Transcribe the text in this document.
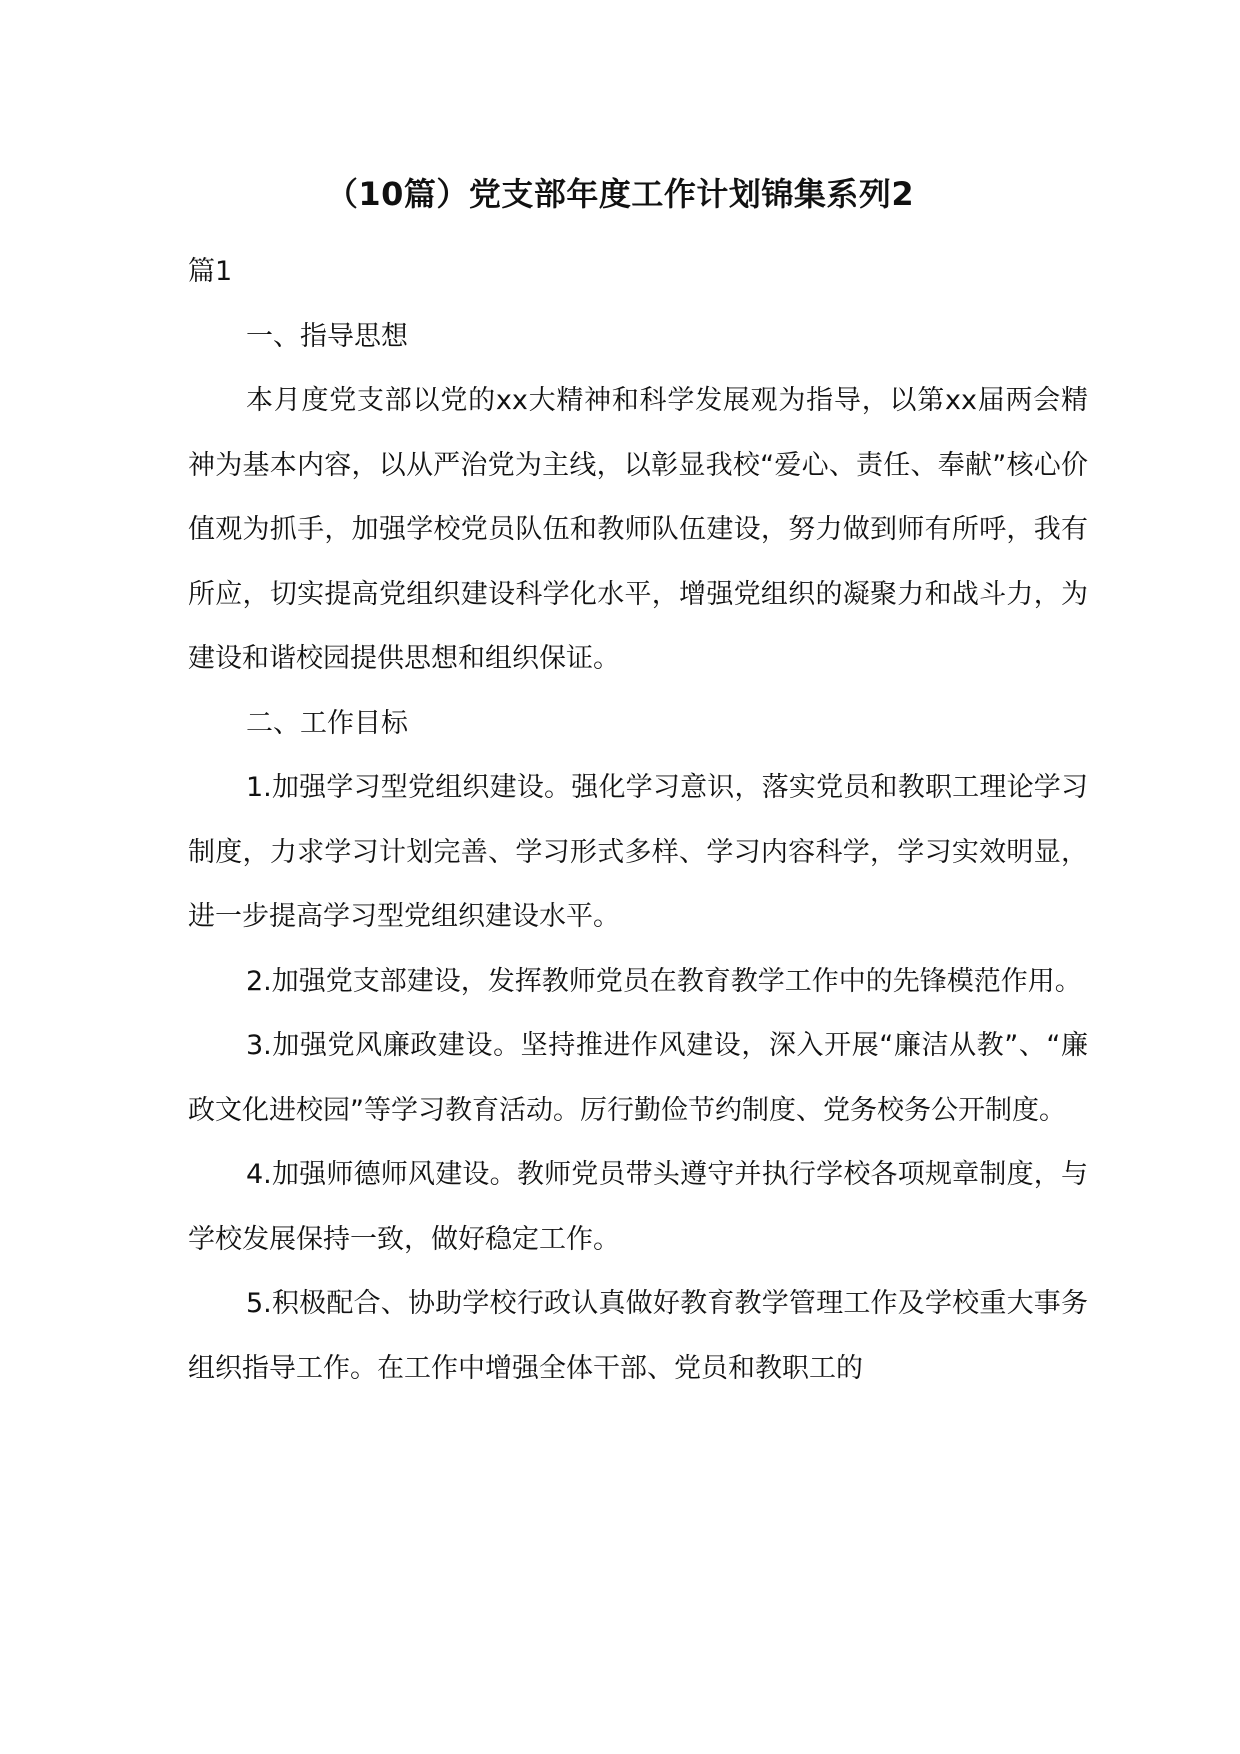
（10篇）党支部年度工作计划锦集系列2

篇1

一、指导思想

本月度党支部以党的xx大精神和科学发展观为指导，以第xx届两会精神为基本内容，以从严治党为主线，以彰显我校“爱心、责任、奉献”核心价值观为抓手，加强学校党员队伍和教师队伍建设，努力做到师有所呼，我有所应，切实提高党组织建设科学化水平，增强党组织的凝聚力和战斗力，为建设和谐校园提供思想和组织保证。

二、工作目标

1.加强学习型党组织建设。强化学习意识，落实党员和教职工理论学习制度，力求学习计划完善、学习形式多样、学习内容科学，学习实效明显，进一步提高学习型党组织建设水平。

2.加强党支部建设，发挥教师党员在教育教学工作中的先锋模范作用。

3.加强党风廉政建设。坚持推进作风建设，深入开展“廉洁从教”、“廉政文化进校园”等学习教育活动。厉行勤俭节约制度、党务校务公开制度。

4.加强师德师风建设。教师党员带头遵守并执行学校各项规章制度，与学校发展保持一致，做好稳定工作。

5.积极配合、协助学校行政认真做好教育教学管理工作及学校重大事务组织指导工作。在工作中增强全体干部、党员和教职工的
